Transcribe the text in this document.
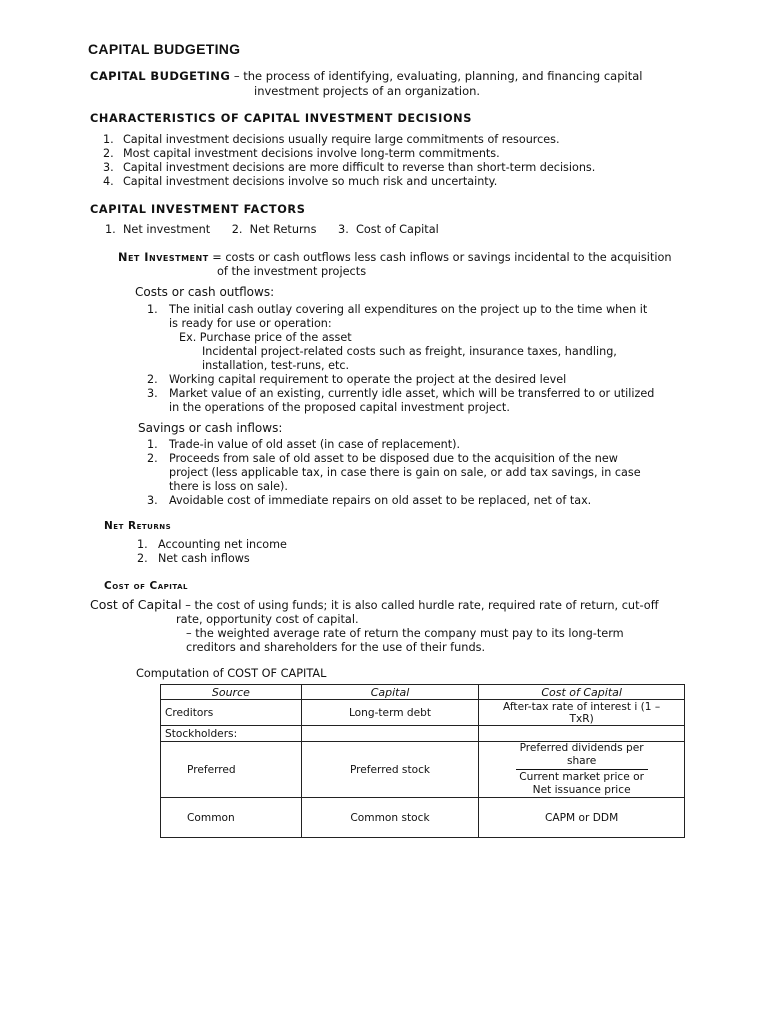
CAPITAL BUDGETING
CAPITAL BUDGETING – the process of identifying, evaluating, planning, and financing capital
investment projects of an organization.
CHARACTERISTICS OF CAPITAL INVESTMENT DECISIONS
1. Capital investment decisions usually require large commitments of resources.
2. Most capital investment decisions involve long-term commitments.
3. Capital investment decisions are more difficult to reverse than short-term decisions.
4. Capital investment decisions involve so much risk and uncertainty.
CAPITAL INVESTMENT FACTORS
1.  Net investment      2.  Net Returns      3.  Cost of Capital
Net Investment = costs or cash outflows less cash inflows or savings incidental to the acquisition
of the investment projects
Costs or cash outflows:
1.	The initial cash outlay covering all expenditures on the project up to the time when it
is ready for use or operation:
Ex. Purchase price of the asset
Incidental project-related costs such as freight, insurance taxes, handling,
installation, test-runs, etc.
2.	Working capital requirement to operate the project at the desired level
3.	Market value of an existing, currently idle asset, which will be transferred to or utilized
in the operations of the proposed capital investment project.
Savings or cash inflows:
1.	Trade-in value of old asset (in case of replacement).
2.	Proceeds from sale of old asset to be disposed due to the acquisition of the new
project (less applicable tax, in case there is gain on sale, or add tax savings, in case
there is loss on sale).
3.	Avoidable cost of immediate repairs on old asset to be replaced, net of tax.
Net Returns
1. Accounting net income
2. Net cash inflows
Cost of Capital
Cost of Capital – the cost of using funds; it is also called hurdle rate, required rate of return, cut-off
rate, opportunity cost of capital.
– the weighted average rate of return the company must pay to its long-term
creditors and shareholders for the use of their funds.
Computation of COST OF CAPITAL
Source	Capital	Cost of Capital
Creditors	Long-term debt	After-tax rate of interest i (1 –
TxR)

Stockholders:		
Preferred	Preferred stock	Preferred dividends per
share
Current market price or
Net issuance price

Common	Common stock	CAPM or DDM
